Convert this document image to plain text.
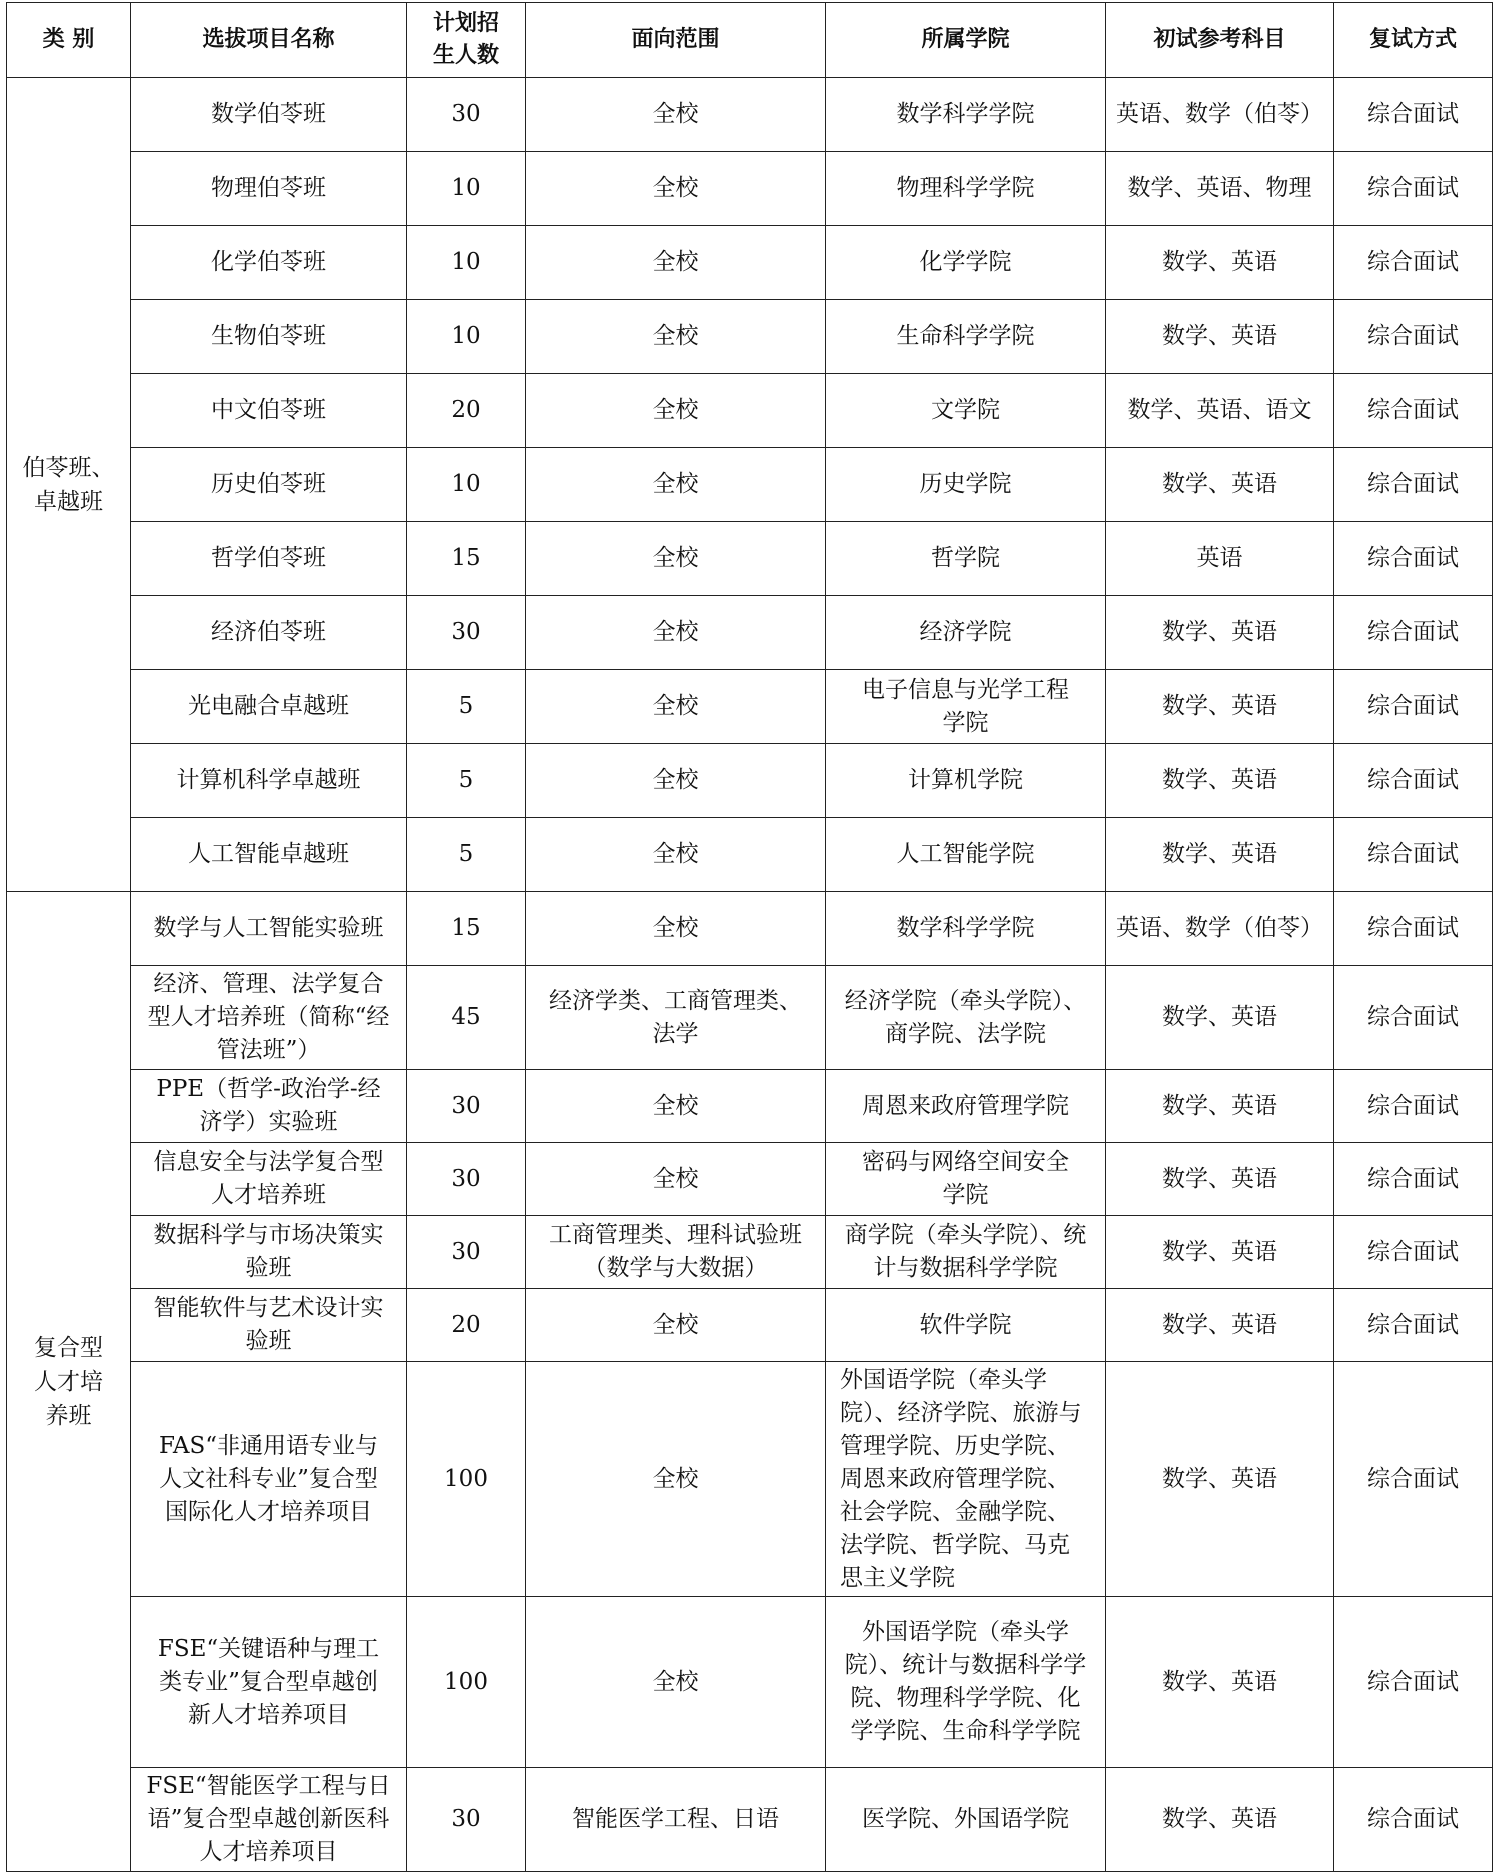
类 别	选拔项目名称	计划招生人数	面向范围	所属学院	初试参考科目	复试方式
伯苓班、卓越班	数学伯苓班	30	全校	数学科学学院	英语、数学（伯苓）	综合面试
	物理伯苓班	10	全校	物理科学学院	数学、英语、物理	综合面试
	化学伯苓班	10	全校	化学学院	数学、英语	综合面试
	生物伯苓班	10	全校	生命科学学院	数学、英语	综合面试
	中文伯苓班	20	全校	文学院	数学、英语、语文	综合面试
	历史伯苓班	10	全校	历史学院	数学、英语	综合面试
	哲学伯苓班	15	全校	哲学院	英语	综合面试
	经济伯苓班	30	全校	经济学院	数学、英语	综合面试
	光电融合卓越班	5	全校	电子信息与光学工程学院	数学、英语	综合面试
	计算机科学卓越班	5	全校	计算机学院	数学、英语	综合面试
	人工智能卓越班	5	全校	人工智能学院	数学、英语	综合面试
复合型人才培养班	数学与人工智能实验班	15	全校	数学科学学院	英语、数学（伯苓）	综合面试
	经济、管理、法学复合型人才培养班（简称“经管法班”）	45	经济学类、工商管理类、法学	经济学院（牵头学院）、商学院、法学院	数学、英语	综合面试
	PPE（哲学-政治学-经济学）实验班	30	全校	周恩来政府管理学院	数学、英语	综合面试
	信息安全与法学复合型人才培养班	30	全校	密码与网络空间安全学院	数学、英语	综合面试
	数据科学与市场决策实验班	30	工商管理类、理科试验班（数学与大数据）	商学院（牵头学院）、统计与数据科学学院	数学、英语	综合面试
	智能软件与艺术设计实验班	20	全校	软件学院	数学、英语	综合面试
	FAS“非通用语专业与人文社科专业”复合型国际化人才培养项目	100	全校	外国语学院（牵头学院）、经济学院、旅游与管理学院、历史学院、周恩来政府管理学院、社会学院、金融学院、法学院、哲学院、马克思主义学院	数学、英语	综合面试
	FSE“关键语种与理工类专业”复合型卓越创新人才培养项目	100	全校	外国语学院（牵头学院）、统计与数据科学学院、物理科学学院、化学学院、生命科学学院	数学、英语	综合面试
	FSE“智能医学工程与日语”复合型卓越创新医科人才培养项目	30	智能医学工程、日语	医学院、外国语学院	数学、英语	综合面试
